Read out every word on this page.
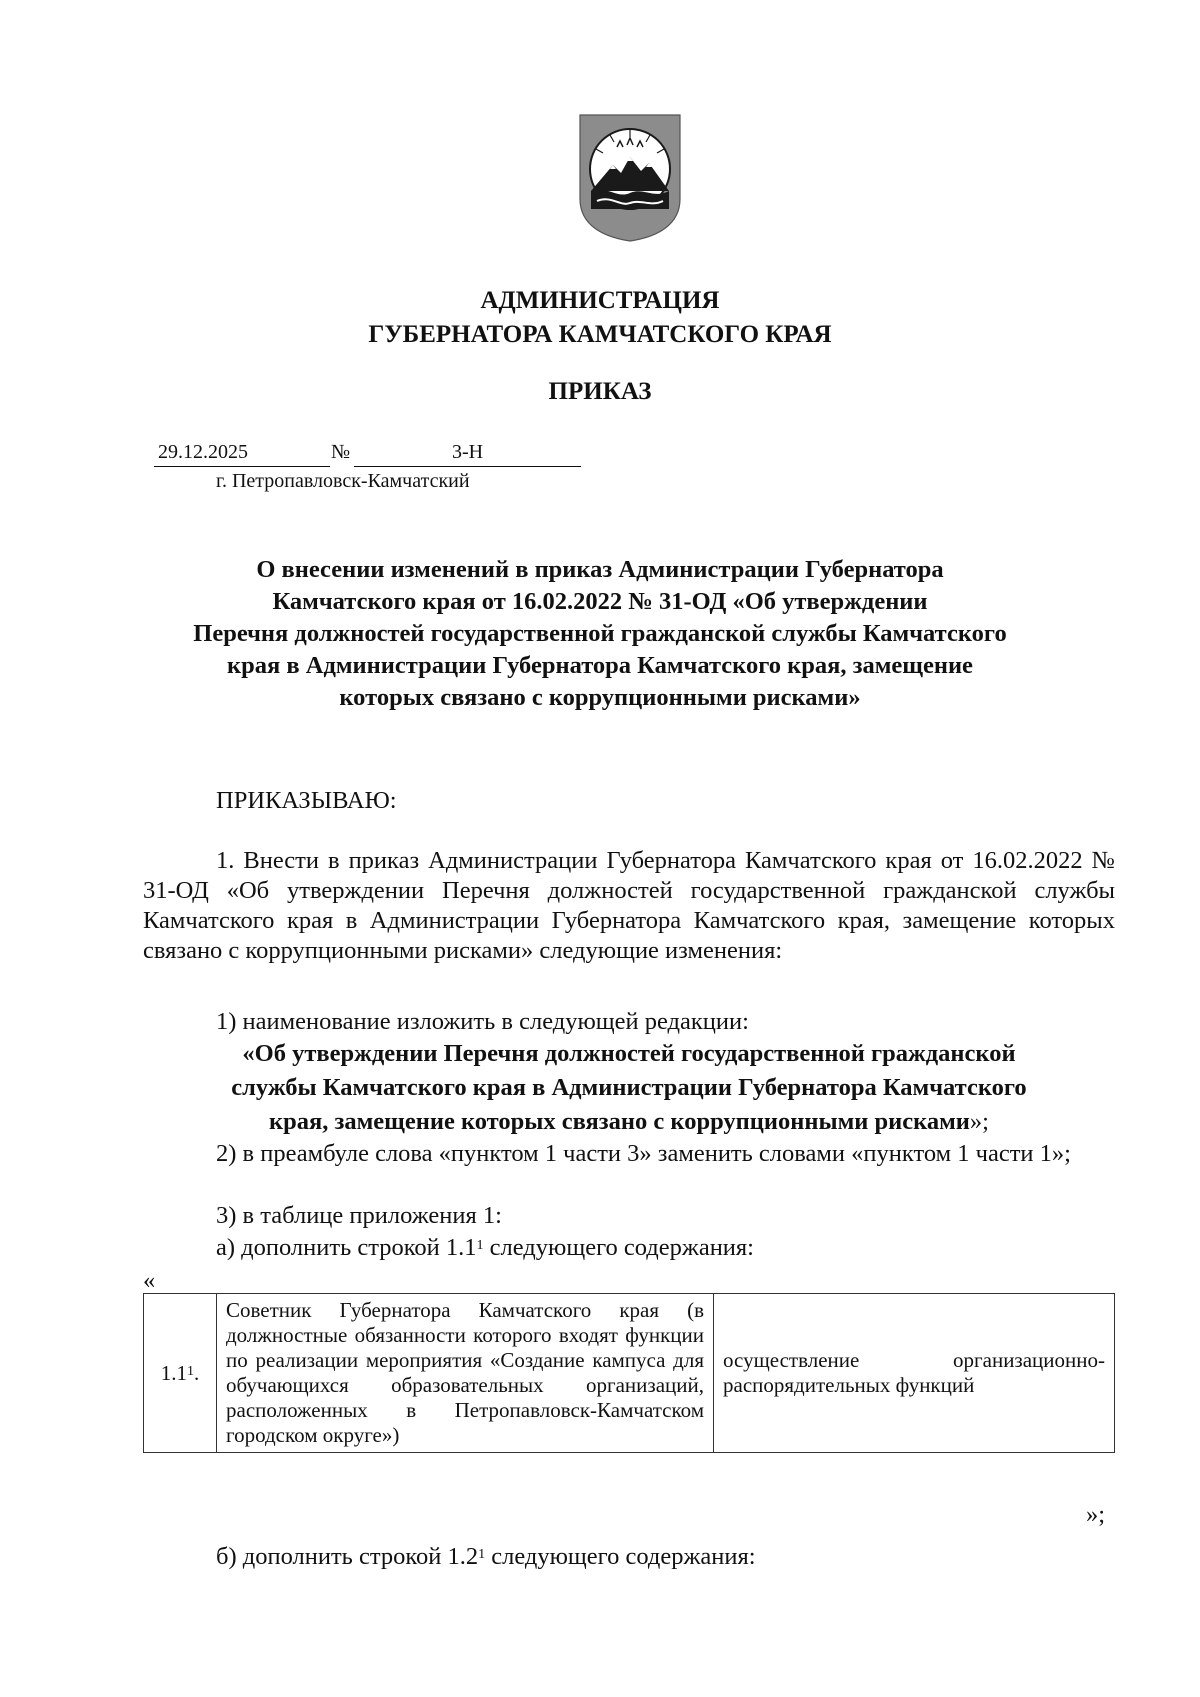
АДМИНИСТРАЦИЯ
ГУБЕРНАТОРА КАМЧАТСКОГО КРАЯ
ПРИКАЗ
29.12.2025	№	3-Н
г. Петропавловск-Камчатский
О внесении изменений в приказ Администрации Губернатора
Камчатского края от 16.02.2022 № 31-ОД «Об утверждении
Перечня должностей государственной гражданской службы Камчатского
края в Администрации Губернатора Камчатского края, замещение
которых связано с коррупционными рисками»
ПРИКАЗЫВАЮ:
1. Внести в приказ Администрации Губернатора Камчатского края от 16.02.2022 № 31-ОД «Об утверждении Перечня должностей государственной гражданской службы Камчатского края в Администрации Губернатора Камчатского края, замещение которых связано с коррупционными рисками» следующие изменения:
1) наименование изложить в следующей редакции:
«Об утверждении Перечня должностей государственной гражданской
службы Камчатского края в Администрации Губернатора Камчатского
края, замещение которых связано с коррупционными рисками»;
2) в преамбуле слова «пунктом 1 части 3» заменить словами «пунктом 1 части 1»;
3) в таблице приложения 1:
а) дополнить строкой $1.1^1$ следующего содержания:
«
$1.1^1$.	Советник Губернатора Камчатского края (в должностные обязанности которого входят функции по реализации мероприятия «Создание кампуса для обучающихся образовательных организаций, расположенных в Петропавловск-Камчатском городском округе»)	осуществление организационно-распорядительных функций
»;
б) дополнить строкой $1.2^1$ следующего содержания:
